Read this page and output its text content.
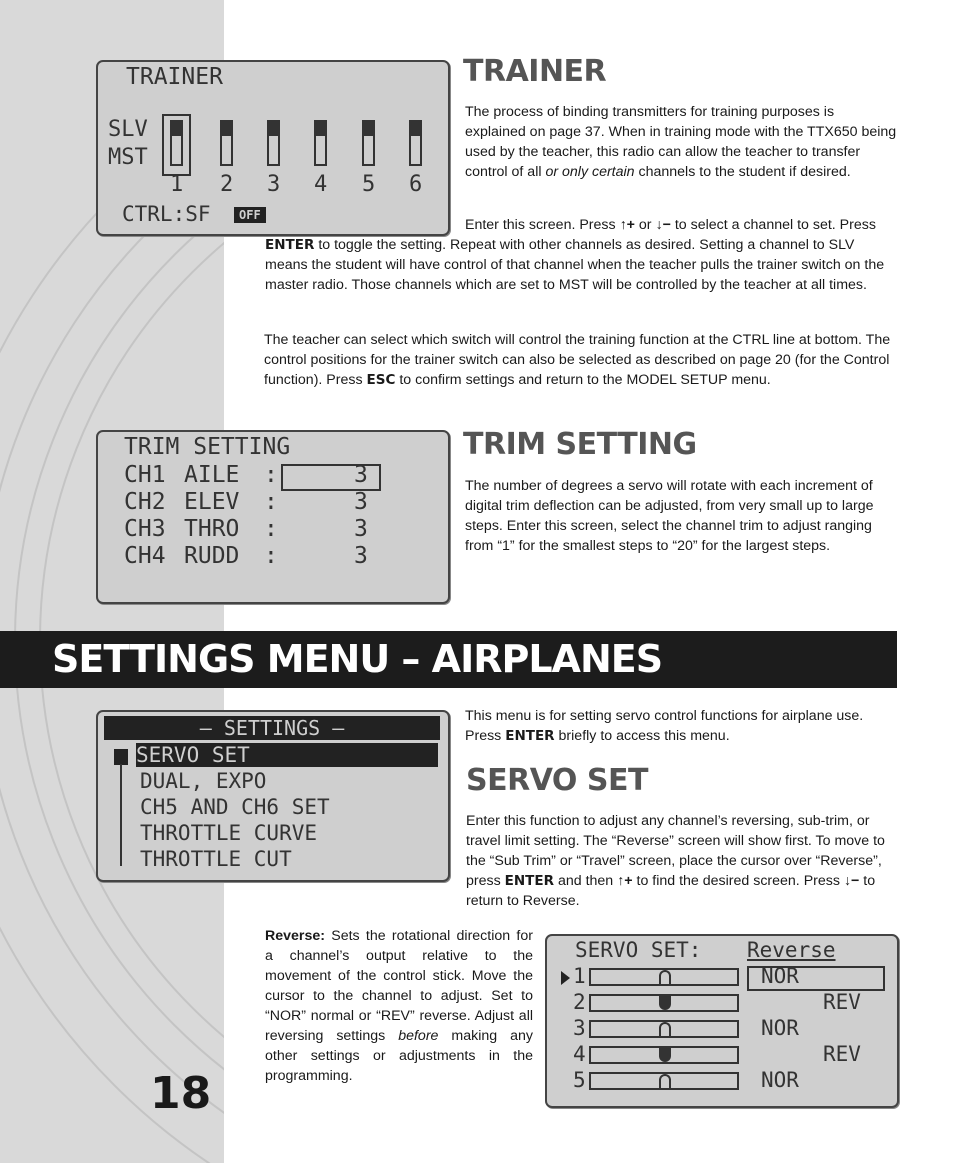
TRAINER
SLV
MST
1 2 3 4 5 6
CTRL:SF	OFF
TRAINER
The process of binding transmitters for training purposes is explained on page 37. When in training mode with the TTX650 being used by the teacher, this radio can allow the teacher to transfer control of all or only certain channels to the student if desired.
Enter this screen. Press ↑+ or ↓− to select a channel to set. Press ENTER to toggle the setting. Repeat with other channels as desired. Setting a channel to SLV means the student will have control of that channel when the teacher pulls the trainer switch on the master radio. Those channels which are set to MST will be controlled by the teacher at all times.
The teacher can select which switch will control the training function at the CTRL line at bottom. The control positions for the trainer switch can also be selected as described on page 20 (for the Control function). Press ESC to confirm settings and return to the MODEL SETUP menu.
TRIM SETTING
CH1 AILE :	3
CH2 ELEV :	3
CH3 THRO :	3
CH4 RUDD :	3
TRIM SETTING
The number of degrees a servo will rotate with each increment of digital trim deflection can be adjusted, from very small up to large steps. Enter this screen, select the channel trim to adjust ranging from “1” for the smallest steps to “20” for the largest steps.
SETTINGS MENU – AIRPLANES
– SETTINGS –
SERVO SET
DUAL, EXPO
CH5 AND CH6 SET
THROTTLE CURVE
THROTTLE CUT
This menu is for setting servo control functions for airplane use. Press ENTER briefly to access this menu.
SERVO SET
Enter this function to adjust any channel’s reversing, sub-trim, or travel limit setting. The “Reverse” screen will show first. To move to the “Sub Trim” or “Travel” screen, place the cursor over “Reverse”, press ENTER and then ↑+ to find the desired screen. Press ↓− to return to Reverse.
Reverse: Sets the rotational direction for a channel’s output relative to the movement of the control stick. Move the cursor to the channel to adjust. Set to “NOR” normal or “REV” reverse. Adjust all reversing settings before making any other settings or adjustments in the programming.
SERVO SET: Reverse
1	NOR
2	REV
3	NOR
4	REV
5	NOR
18
